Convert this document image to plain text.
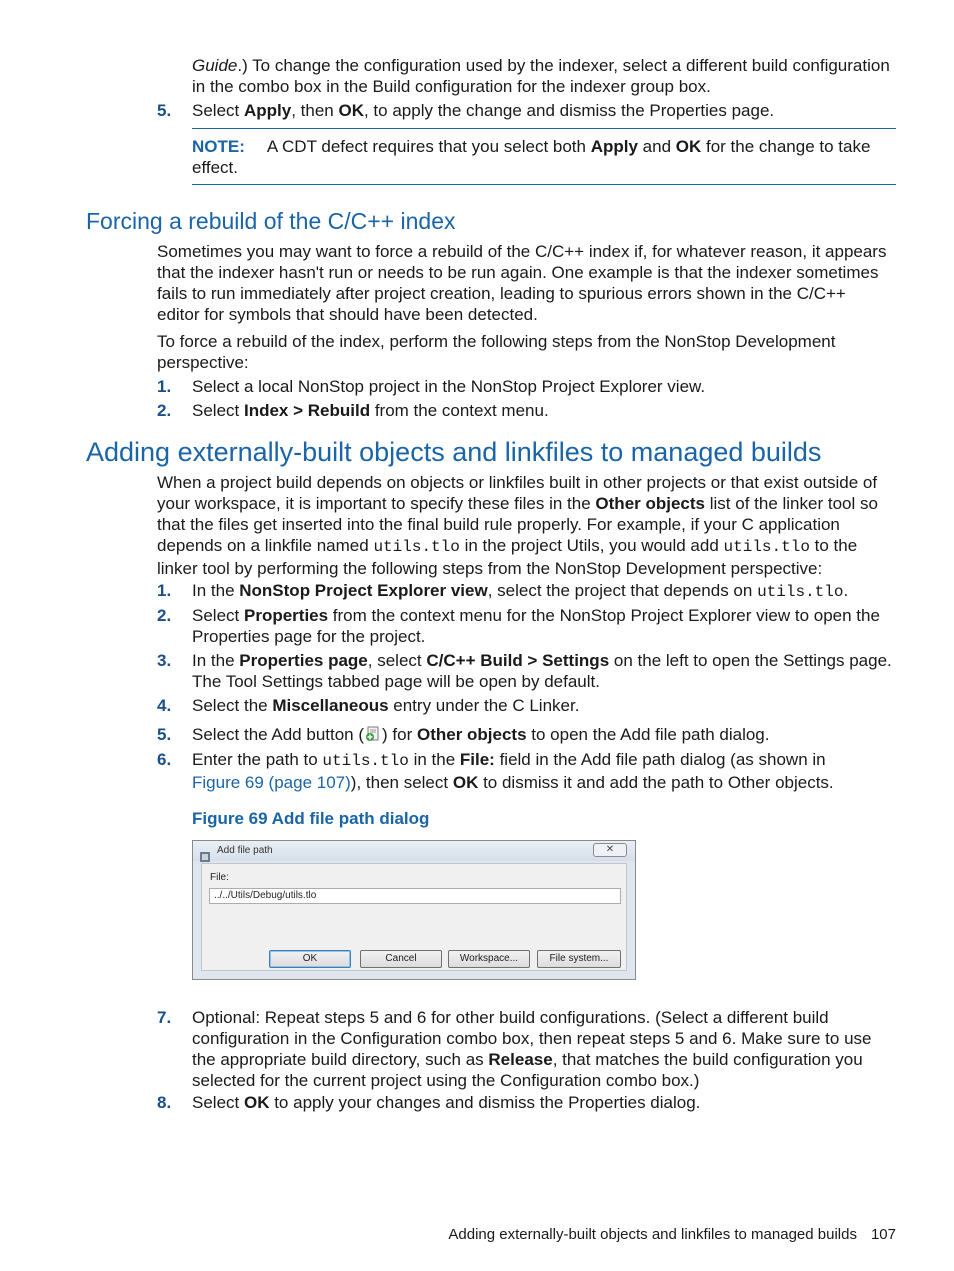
Guide.) To change the configuration used by the indexer, select a different build configuration
in the combo box in the Build configuration for the indexer group box.
5. Select Apply, then OK, to apply the change and dismiss the Properties page.
NOTE: A CDT defect requires that you select both Apply and OK for the change to take
effect.
Forcing a rebuild of the C/C++ index
Sometimes you may want to force a rebuild of the C/C++ index if, for whatever reason, it appears
that the indexer hasn't run or needs to be run again. One example is that the indexer sometimes
fails to run immediately after project creation, leading to spurious errors shown in the C/C++
editor for symbols that should have been detected.
To force a rebuild of the index, perform the following steps from the NonStop Development
perspective:
1. Select a local NonStop project in the NonStop Project Explorer view.
2. Select Index > Rebuild from the context menu.
Adding externally-built objects and linkfiles to managed builds
When a project build depends on objects or linkfiles built in other projects or that exist outside of
your workspace, it is important to specify these files in the Other objects list of the linker tool so
that the files get inserted into the final build rule properly. For example, if your C application
depends on a linkfile named utils.tlo in the project Utils, you would add utils.tlo to the
linker tool by performing the following steps from the NonStop Development perspective:
1. In the NonStop Project Explorer view, select the project that depends on utils.tlo.
2. Select Properties from the context menu for the NonStop Project Explorer view to open the
Properties page for the project.
3. In the Properties page, select C/C++ Build > Settings on the left to open the Settings page.
The Tool Settings tabbed page will be open by default.
4. Select the Miscellaneous entry under the C Linker.
5. Select the Add button ( ) for Other objects to open the Add file path dialog.
6. Enter the path to utils.tlo in the File: field in the Add file path dialog (as shown in
Figure 69 (page 107)), then select OK to dismiss it and add the path to Other objects.
Figure 69 Add file path dialog
Add file path	✕
File:
../../Utils/Debug/utils.tlo
OK	Cancel	Workspace...	File system...
7. Optional: Repeat steps 5 and 6 for other build configurations. (Select a different build
configuration in the Configuration combo box, then repeat steps 5 and 6. Make sure to use
the appropriate build directory, such as Release, that matches the build configuration you
selected for the current project using the Configuration combo box.)
8. Select OK to apply your changes and dismiss the Properties dialog.
Adding externally-built objects and linkfiles to managed builds 107
